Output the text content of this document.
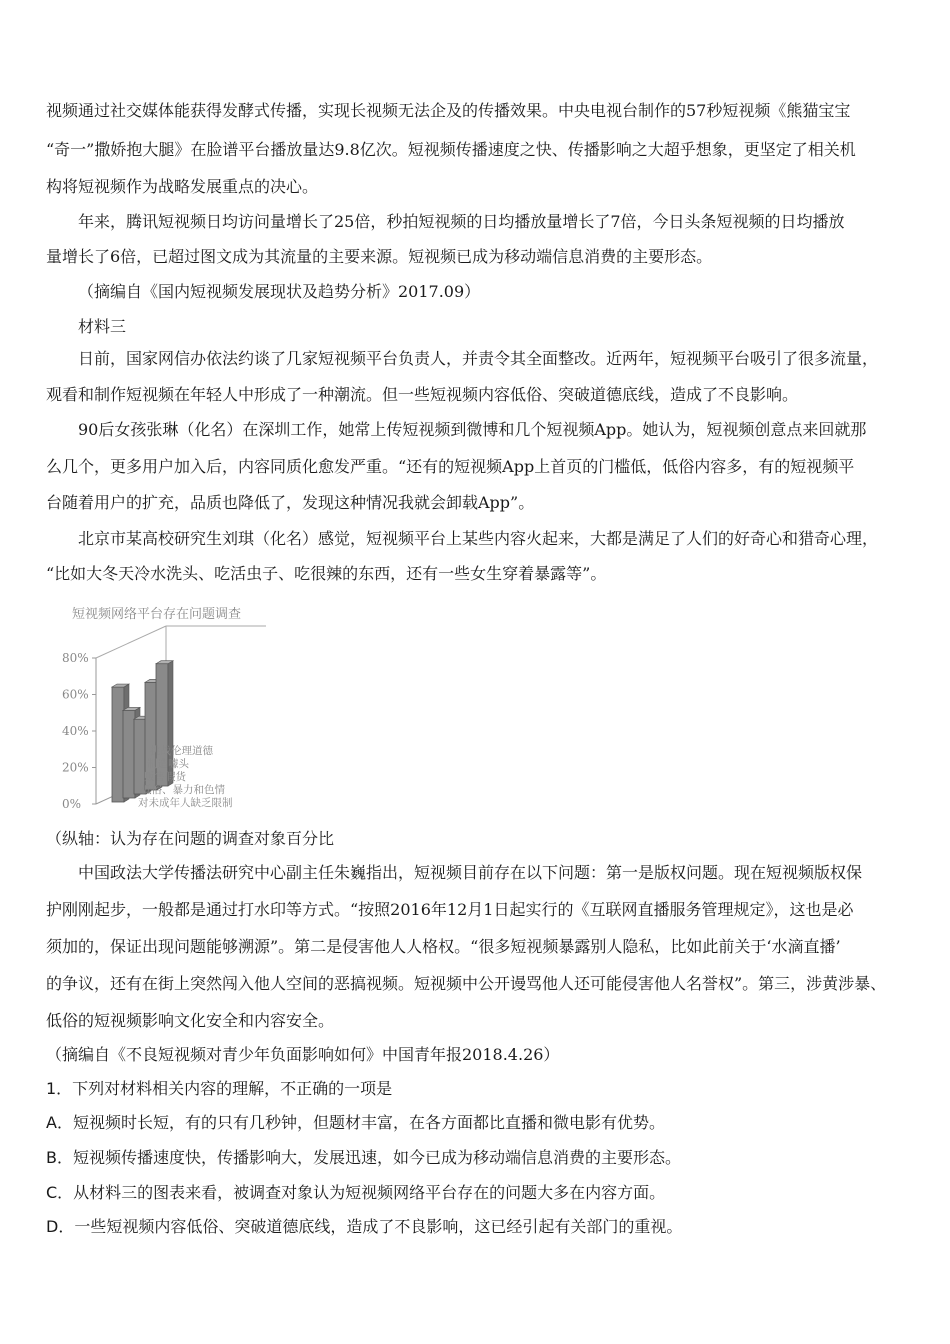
视频通过社交媒体能获得发酵式传播，实现长视频无法企及的传播效果。中央电视台制作的57秒短视频《熊猫宝宝
“奇一”撒娇抱大腿》在脸谱平台播放量达9.8亿次。短视频传播速度之快、传播影响之大超乎想象，更坚定了相关机
构将短视频作为战略发展重点的决心。
年来，腾讯短视频日均访问量增长了25倍，秒拍短视频的日均播放量增长了7倍，今日头条短视频的日均播放
量增长了6倍，已超过图文成为其流量的主要来源。短视频已成为移动端信息消费的主要形态。
（摘编自《国内短视频发展现状及趋势分析》2017.09）
材料三
日前，国家网信办依法约谈了几家短视频平台负责人，并责令其全面整改。近两年，短视频平台吸引了很多流量，
观看和制作短视频在年轻人中形成了一种潮流。但一些短视频内容低俗、突破道德底线，造成了不良影响。
90后女孩张琳（化名）在深圳工作，她常上传短视频到微博和几个短视频App。她认为，短视频创意点来回就那
么几个，更多用户加入后，内容同质化愈发严重。“还有的短视频App上首页的门槛低，低俗内容多，有的短视频平
台随着用户的扩充，品质也降低了，发现这种情况我就会卸载App”。
北京市某高校研究生刘琪（化名）感觉，短视频平台上某些内容火起来，大都是满足了人们的好奇心和猎奇心理，
“比如大冬天冷水洗头、吃活虫子、吃很辣的东西，还有一些女生穿着暴露等”。
短视频网络平台存在问题调查
0%
20%
40%
60%
80%
挑战伦理道德
制造噱头
贩售假货
低俗、暴力和色情
对未成年人缺乏限制
（纵轴：认为存在问题的调查对象百分比
中国政法大学传播法研究中心副主任朱巍指出，短视频目前存在以下问题：第一是版权问题。现在短视频版权保
护刚刚起步，一般都是通过打水印等方式。“按照2016年12月1日起实行的《互联网直播服务管理规定》，这也是必
须加的，保证出现问题能够溯源”。第二是侵害他人人格权。“很多短视频暴露别人隐私，比如此前关于‘水滴直播’
的争议，还有在街上突然闯入他人空间的恶搞视频。短视频中公开谩骂他人还可能侵害他人名誉权”。第三，涉黄涉暴、
低俗的短视频影响文化安全和内容安全。
（摘编自《不良短视频对青少年负面影响如何》中国青年报2018.4.26）
1．下列对材料相关内容的理解，不正确的一项是
A．短视频时长短，有的只有几秒钟，但题材丰富，在各方面都比直播和微电影有优势。
B．短视频传播速度快，传播影响大，发展迅速，如今已成为移动端信息消费的主要形态。
C．从材料三的图表来看，被调查对象认为短视频网络平台存在的问题大多在内容方面。
D．一些短视频内容低俗、突破道德底线，造成了不良影响，这已经引起有关部门的重视。
